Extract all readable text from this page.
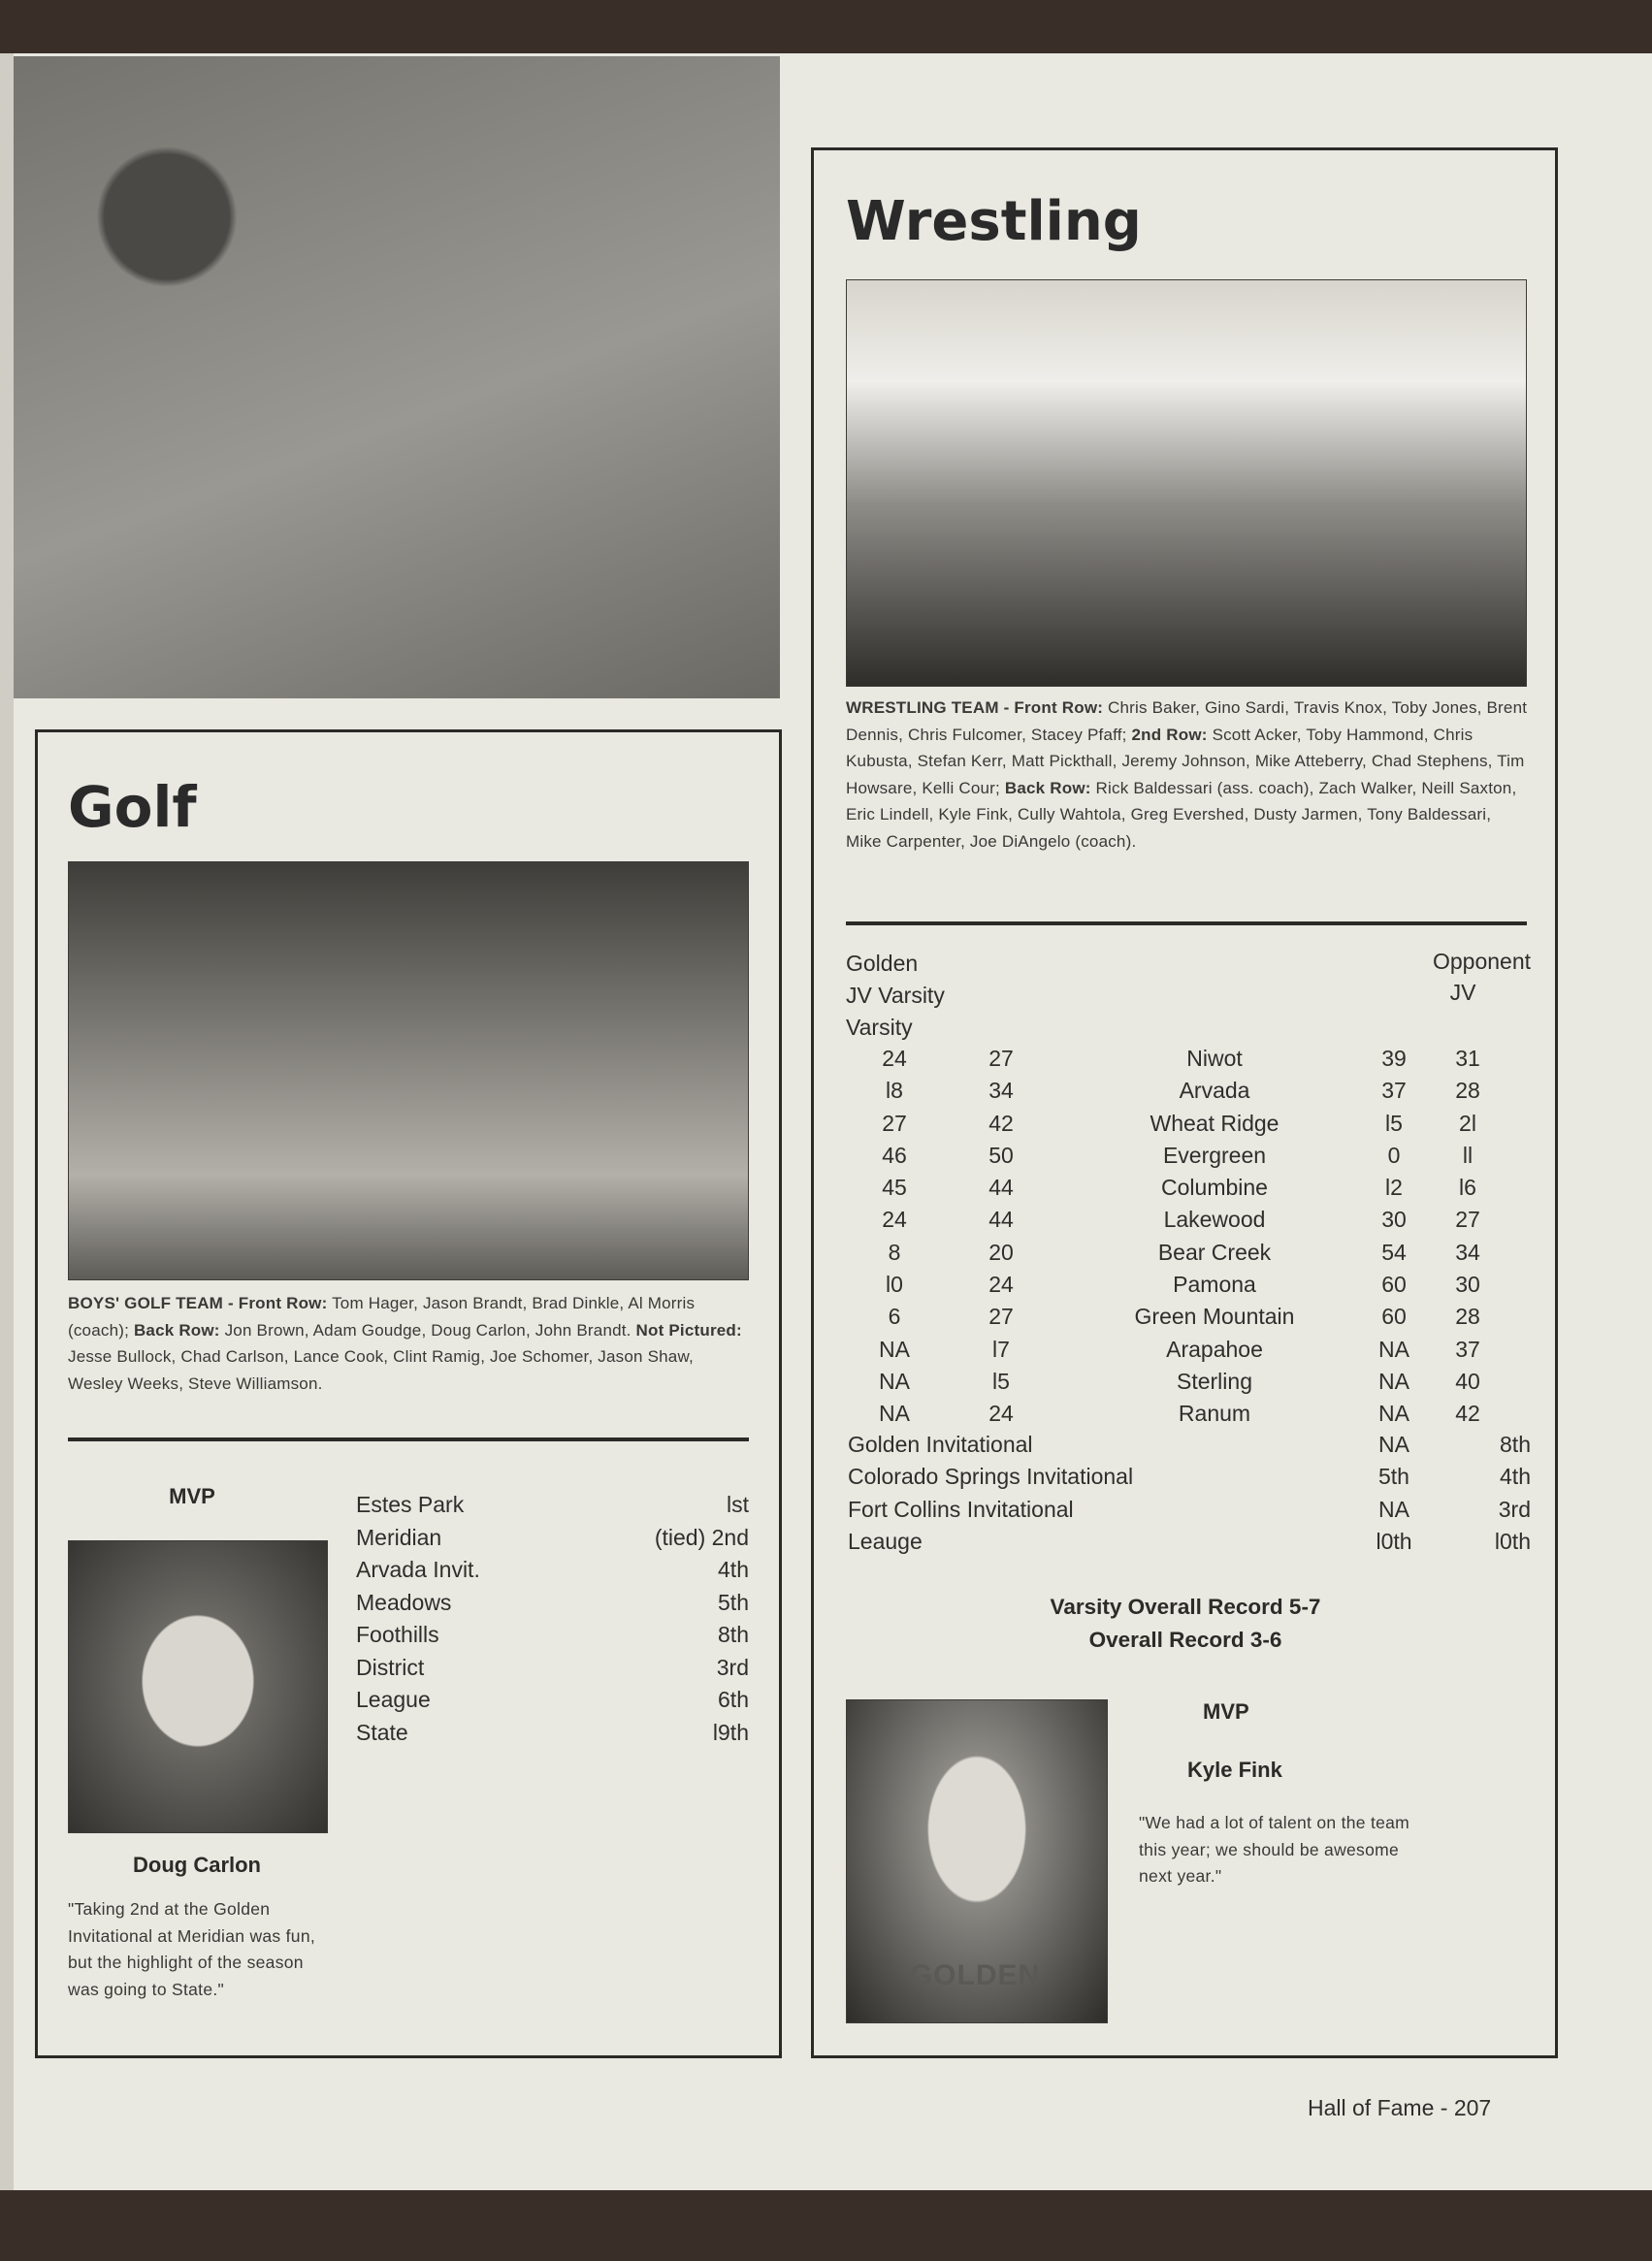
Golf
BOYS' GOLF TEAM - Front Row: Tom Hager, Jason Brandt, Brad Dinkle, Al Morris (coach); Back Row: Jon Brown, Adam Goudge, Doug Carlon, John Brandt. Not Pictured: Jesse Bullock, Chad Carlson, Lance Cook, Clint Ramig, Joe Schomer, Jason Shaw, Wesley Weeks, Steve Williamson.
MVP
Doug Carlon
"Taking 2nd at the Golden Invitational at Meridian was fun, but the highlight of the season was going to State."
Estes Park	lst
Meridian	(tied) 2nd
Arvada Invit.	4th
Meadows	5th
Foothills	8th
District	3rd
League	6th
State	l9th
Wrestling
WRESTLING TEAM - Front Row: Chris Baker, Gino Sardi, Travis Knox, Toby Jones, Brent Dennis, Chris Fulcomer, Stacey Pfaff; 2nd Row: Scott Acker, Toby Hammond, Chris Kubusta, Stefan Kerr, Matt Pickthall, Jeremy Johnson, Mike Atteberry, Chad Stephens, Tim Howsare, Kelli Cour; Back Row: Rick Baldessari (ass. coach), Zach Walker, Neill Saxton, Eric Lindell, Kyle Fink, Cully Wahtola, Greg Evershed, Dusty Jarmen, Tony Baldessari, Mike Carpenter, Joe DiAngelo (coach).
Golden
JV Varsity
Varsity
Opponent
JV
24	27	Niwot	39	31
l8	34	Arvada	37	28
27	42	Wheat Ridge	l5	2l
46	50	Evergreen	0	ll
45	44	Columbine	l2	l6
24	44	Lakewood	30	27
8	20	Bear Creek	54	34
l0	24	Pamona	60	30
6	27	Green Mountain	60	28
NA	l7	Arapahoe	NA	37
NA	l5	Sterling	NA	40
NA	24	Ranum	NA	42
Golden Invitational	NA	8th
Colorado Springs Invitational	5th	4th
Fort Collins Invitational	NA	3rd
Leauge	l0th	l0th
Varsity Overall Record 5-7
Overall Record 3-6
GOLDEN
MVP
Kyle Fink
"We had a lot of talent on the team this year; we should be awesome next year."
Hall of Fame - 207
